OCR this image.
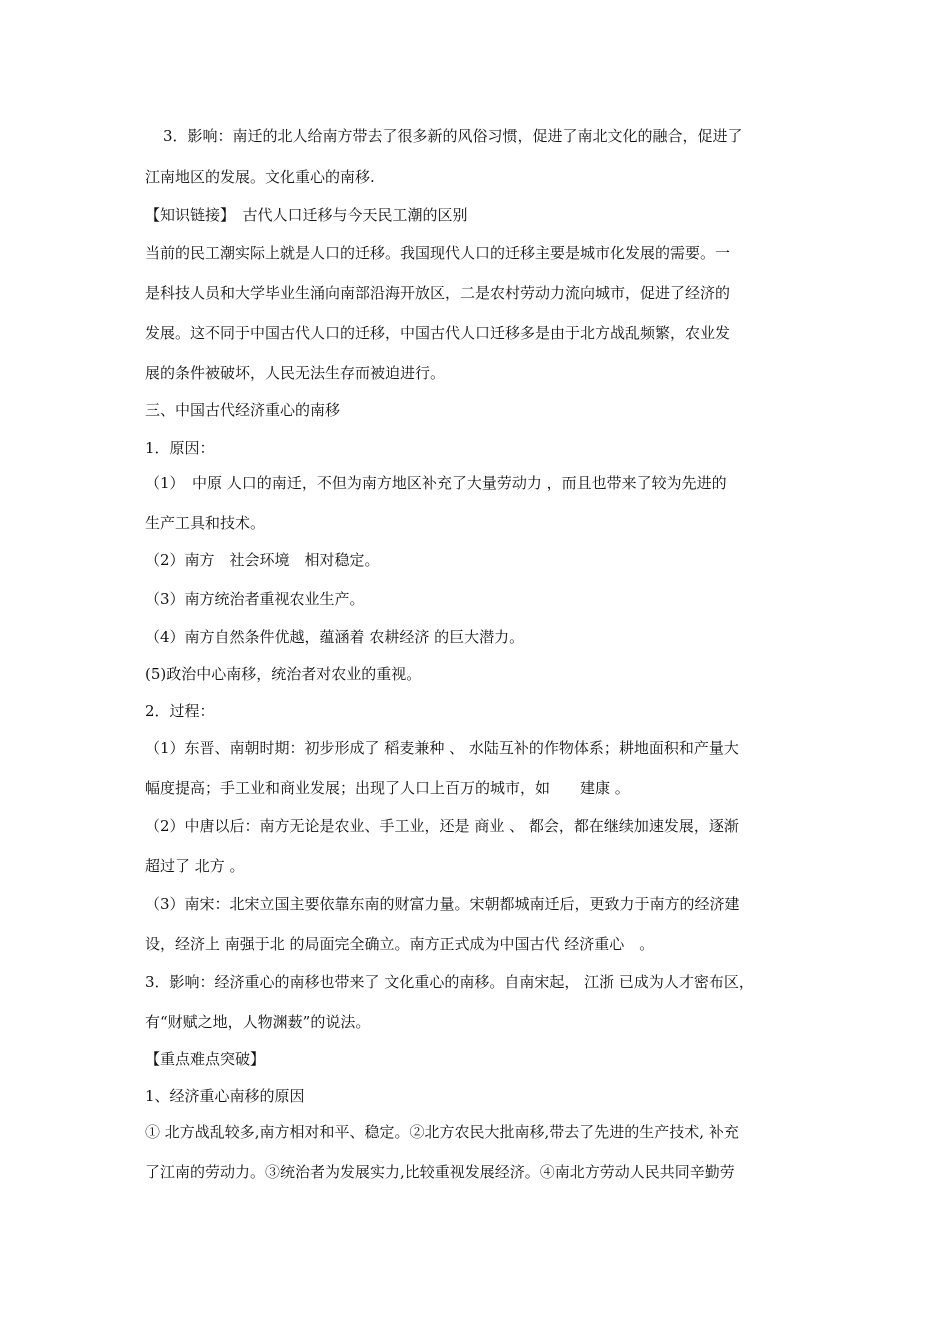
3．影响：南迁的北人给南方带去了很多新的风俗习惯，促进了南北文化的融合，促进了
江南地区的发展。文化重心的南移.
【知识链接】　古代人口迁移与今天民工潮的区别
当前的民工潮实际上就是人口的迁移。我国现代人口的迁移主要是城市化发展的需要。一
是科技人员和大学毕业生涌向南部沿海开放区，二是农村劳动力流向城市，促进了经济的
发展。这不同于中国古代人口的迁移，中国古代人口迁移多是由于北方战乱频繁，农业发
展的条件被破坏，人民无法生存而被迫进行。
三、中国古代经济重心的南移
1．原因：
（1）　中原 人口的南迁，不但为南方地区补充了大量劳动力 ，而且也带来了较为先进的
生产工具和技术。
（2）南方　社会环境　相对稳定。
（3）南方统治者重视农业生产。
（4）南方自然条件优越，蕴涵着 农耕经济 的巨大潜力。
(5)政治中心南移，统治者对农业的重视。
2．过程：
（1）东晋、南朝时期：初步形成了 稻麦兼种 、 水陆互补的作物体系；耕地面积和产量大
幅度提高；手工业和商业发展；出现了人口上百万的城市，如　　建康 。
（2）中唐以后：南方无论是农业、手工业，还是 商业 、 都会，都在继续加速发展，逐渐
超过了 北方 。
（3）南宋：北宋立国主要依靠东南的财富力量。宋朝都城南迁后，更致力于南方的经济建
设，经济上 南强于北 的局面完全确立。南方正式成为中国古代 经济重心　。
3．影响：经济重心的南移也带来了 文化重心的南移。自南宋起， 江浙 已成为人才密布区，
有“财赋之地，人物渊薮”的说法。
【重点难点突破】
1、经济重心南移的原因
① 北方战乱较多,南方相对和平、稳定。②北方农民大批南移,带去了先进的生产技术, 补充
了江南的劳动力。③统治者为发展实力,比较重视发展经济。④南北方劳动人民共同辛勤劳
